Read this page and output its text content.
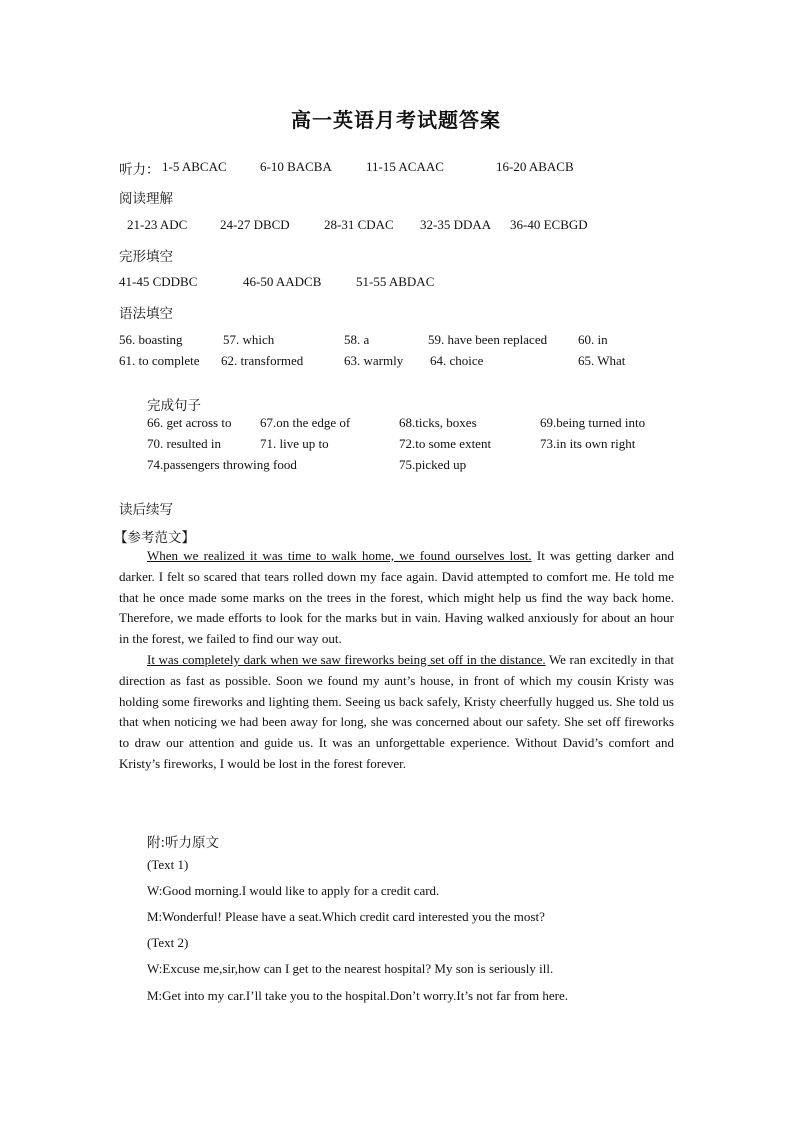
高一英语月考试题答案
听力： 1-5 ABCAC	6-10 BACBA	11-15 ACAAC	16-20 ABACB
阅读理解
21-23 ADC	24-27 DBCD	28-31 CDAC 32-35 DDAA 36-40 ECBGD
完形填空
41-45 CDDBC	46-50 AADCB	51-55 ABDAC
语法填空
56. boasting	57. which	58. a	59. have been replaced 60. in
61. to complete 62. transformed	63. warmly 64. choice	65. What
完成句子
66. get across to 67.on the edge of	68.ticks, boxes	69.being turned into
70. resulted in	71. live up to	72.to some extent	73.in its own right
74.passengers throwing food	75.picked up
读后续写
【参考范文】
When we realized it was time to walk home, we found ourselves lost. It was getting darker and darker. I felt so scared that tears rolled down my face again. David attempted to comfort me. He told me that he once made some marks on the trees in the forest, which might help us find the way back home. Therefore, we made efforts to look for the marks but in vain. Having walked anxiously for about an hour in the forest, we failed to find our way out.
It was completely dark when we saw fireworks being set off in the distance. We ran excitedly in that direction as fast as possible. Soon we found my aunt’s house, in front of which my cousin Kristy was holding some fireworks and lighting them. Seeing us back safely, Kristy cheerfully hugged us. She told us that when noticing we had been away for long, she was concerned about our safety. She set off fireworks to draw our attention and guide us. It was an unforgettable experience. Without David’s comfort and Kristy’s fireworks, I would be lost in the forest forever.
附:听力原文
(Text 1)
W:Good morning.I would like to apply for a credit card.
M:Wonderful! Please have a seat.Which credit card interested you the most?
(Text 2)
W:Excuse me,sir,how can I get to the nearest hospital? My son is seriously ill.
M:Get into my car.I’ll take you to the hospital.Don’t worry.It’s not far from here.
